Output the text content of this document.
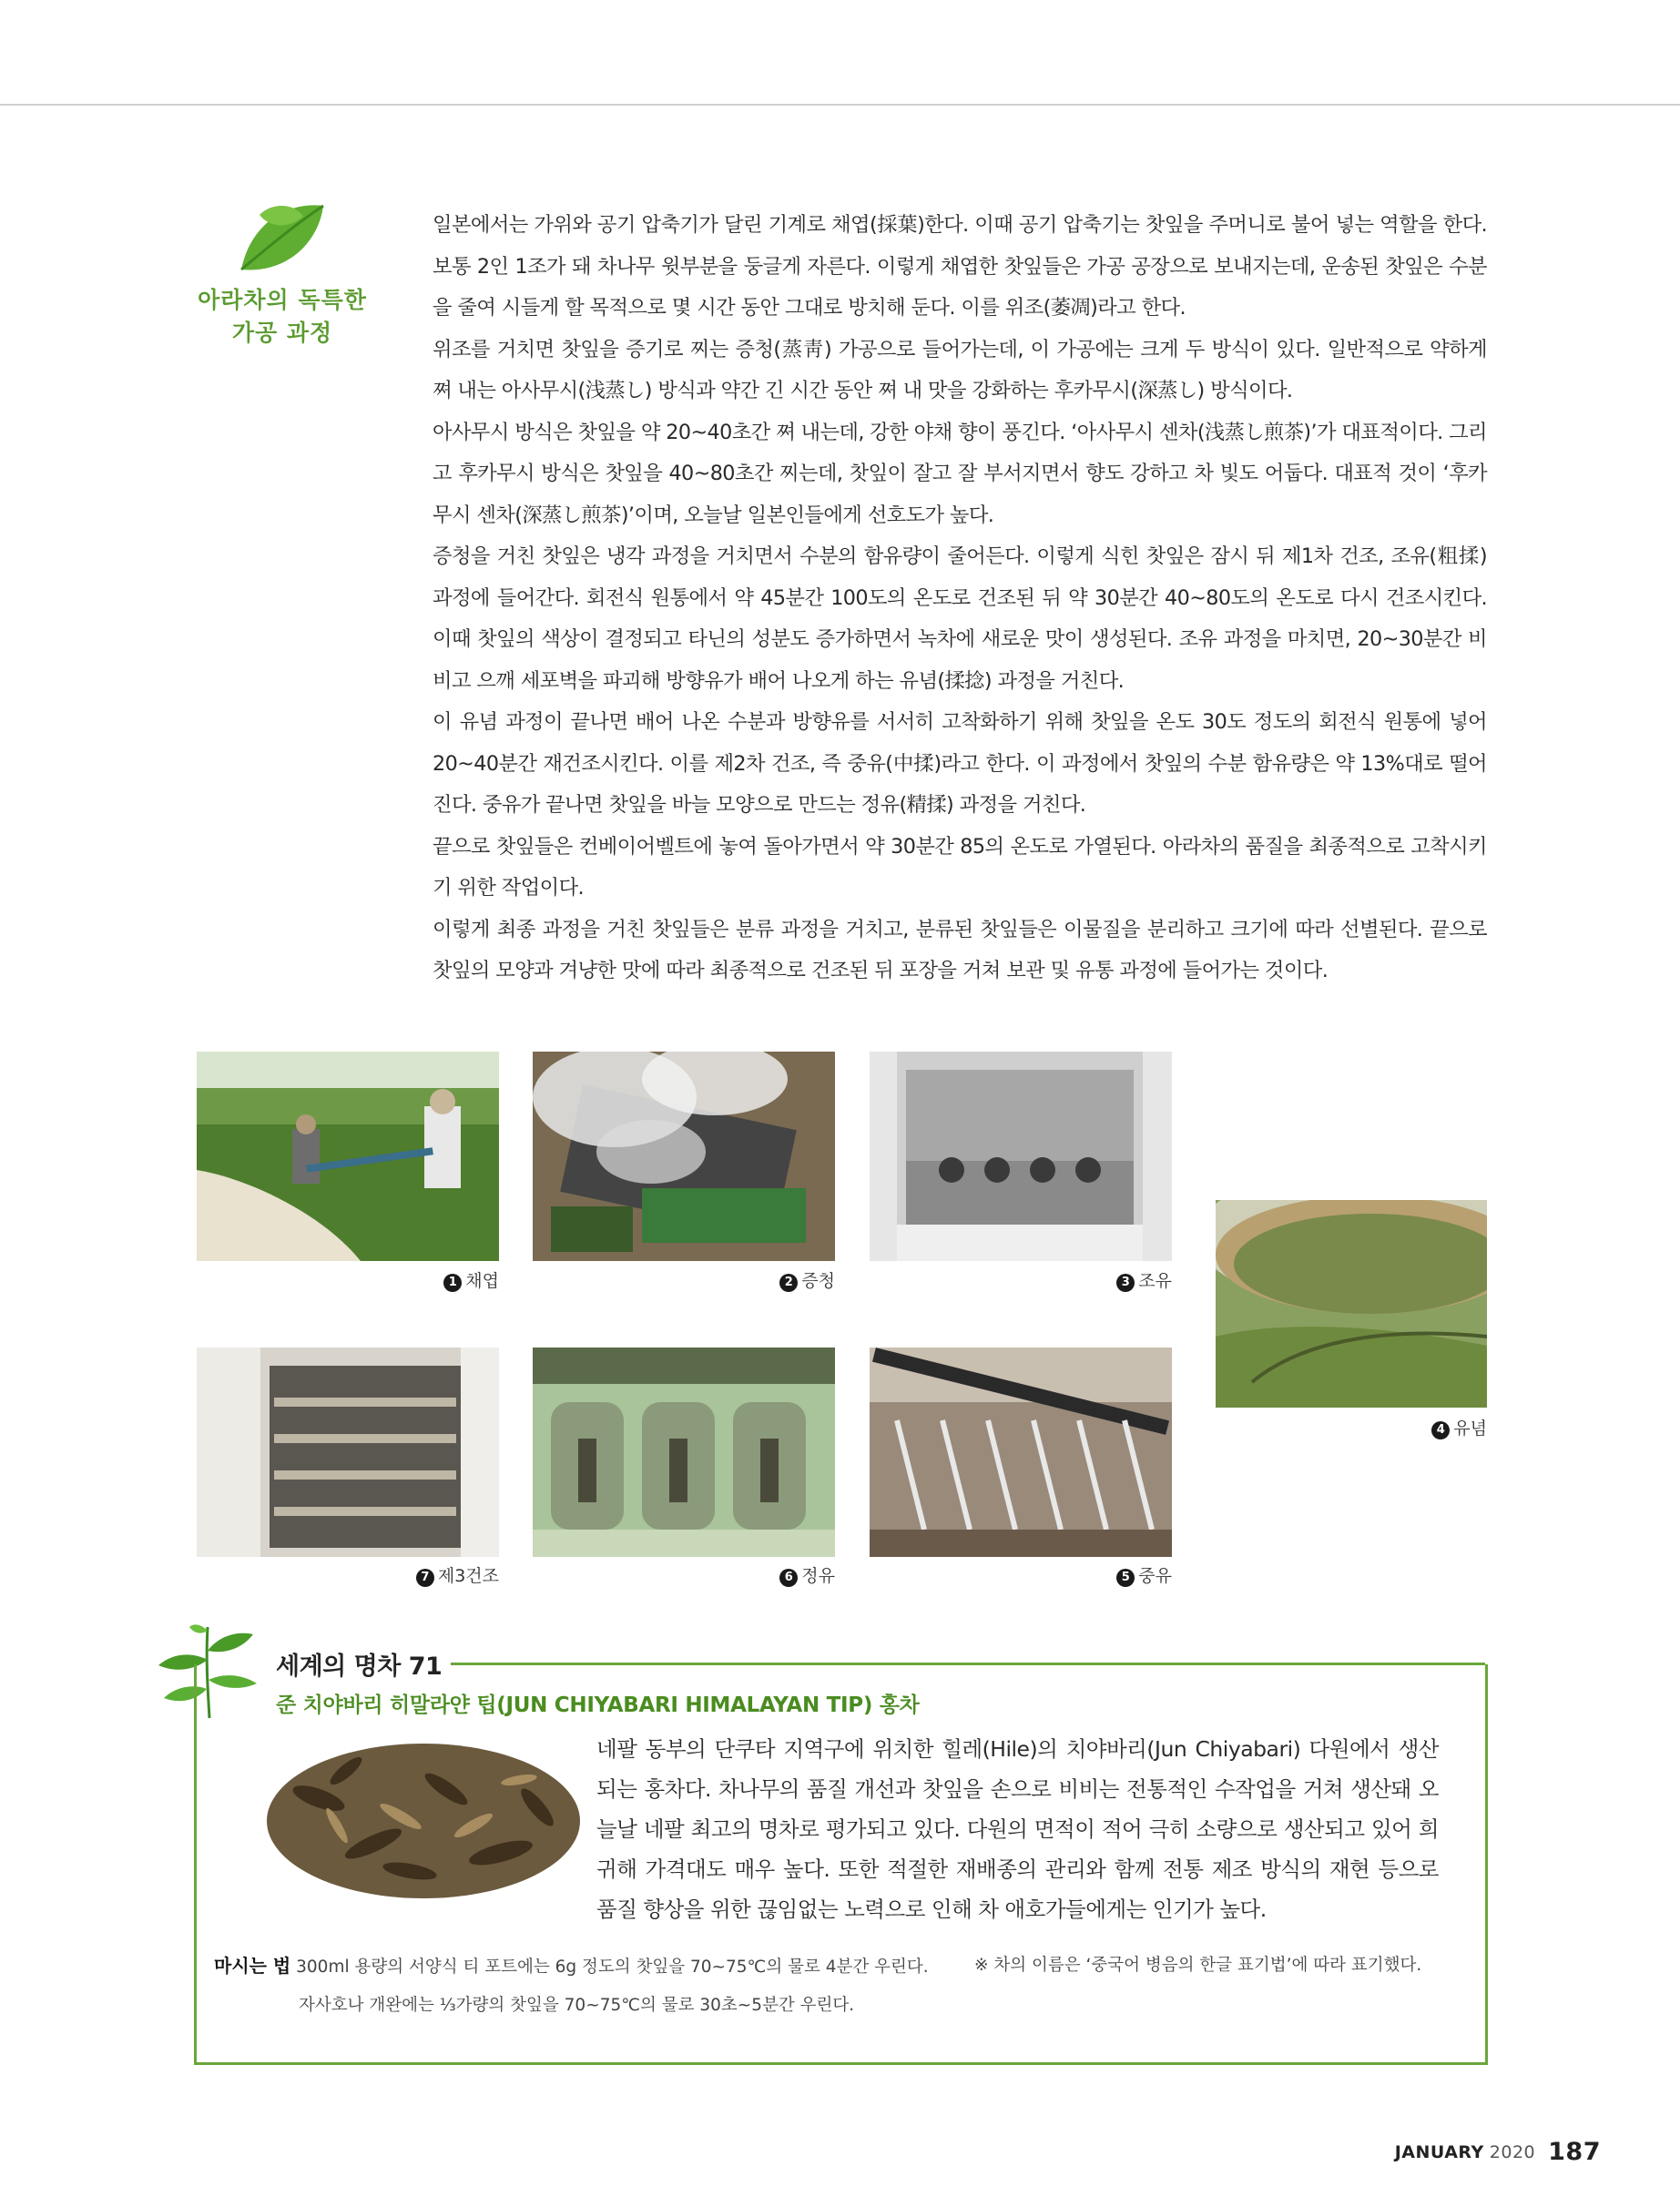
아라차의 독특한
가공 과정

일본에서는 가위와 공기 압축기가 달린 기계로 채엽(採葉)한다. 이때 공기 압축기는 찻잎을 주머니로 불어 넣는 역할을 한다. 보통 2인 1조가 돼 차나무 윗부분을 둥글게 자른다. 이렇게 채엽한 찻잎들은 가공 공장으로 보내지는데, 운송된 찻잎은 수분을 줄여 시들게 할 목적으로 몇 시간 동안 그대로 방치해 둔다. 이를 위조(萎凋)라고 한다.

위조를 거치면 찻잎을 증기로 찌는 증청(蒸靑) 가공으로 들어가는데, 이 가공에는 크게 두 방식이 있다. 일반적으로 약하게 쪄 내는 아사무시(浅蒸し) 방식과 약간 긴 시간 동안 쪄 내 맛을 강화하는 후카무시(深蒸し) 방식이다.

아사무시 방식은 찻잎을 약 20~40초간 쪄 내는데, 강한 야채 향이 풍긴다. ‘아사무시 센차(浅蒸し煎茶)’가 대표적이다. 그리고 후카무시 방식은 찻잎을 40~80초간 찌는데, 찻잎이 잘고 잘 부서지면서 향도 강하고 차 빛도 어둡다. 대표적 것이 ‘후카무시 센차(深蒸し煎茶)’이며, 오늘날 일본인들에게 선호도가 높다.

증청을 거친 찻잎은 냉각 과정을 거치면서 수분의 함유량이 줄어든다. 이렇게 식힌 찻잎은 잠시 뒤 제1차 건조, 조유(粗揉) 과정에 들어간다. 회전식 원통에서 약 45분간 100도의 온도로 건조된 뒤 약 30분간 40~80도의 온도로 다시 건조시킨다. 이때 찻잎의 색상이 결정되고 타닌의 성분도 증가하면서 녹차에 새로운 맛이 생성된다. 조유 과정을 마치면, 20~30분간 비비고 으깨 세포벽을 파괴해 방향유가 배어 나오게 하는 유념(揉捻) 과정을 거친다.

이 유념 과정이 끝나면 배어 나온 수분과 방향유를 서서히 고착화하기 위해 찻잎을 온도 30도 정도의 회전식 원통에 넣어 20~40분간 재건조시킨다. 이를 제2차 건조, 즉 중유(中揉)라고 한다. 이 과정에서 찻잎의 수분 함유량은 약 13%대로 떨어진다. 중유가 끝나면 찻잎을 바늘 모양으로 만드는 정유(精揉) 과정을 거친다.

끝으로 찻잎들은 컨베이어벨트에 놓여 돌아가면서 약 30분간 85의 온도로 가열된다. 아라차의 품질을 최종적으로 고착시키기 위한 작업이다.

이렇게 최종 과정을 거친 찻잎들은 분류 과정을 거치고, 분류된 찻잎들은 이물질을 분리하고 크기에 따라 선별된다. 끝으로 찻잎의 모양과 겨냥한 맛에 따라 최종적으로 건조된 뒤 포장을 거쳐 보관 및 유통 과정에 들어가는 것이다.

1 채엽	2 증청	3 조유
4 유념
7 제3건조	6 정유	5 중유
세계의 명차 71
준 치야바리 히말라얀 팁(JUN CHIYABARI HIMALAYAN TIP) 홍차
네팔 동부의 단쿠타 지역구에 위치한 힐레(Hile)의 치야바리(Jun Chiyabari) 다원에서 생산되는 홍차다. 차나무의 품질 개선과 찻잎을 손으로 비비는 전통적인 수작업을 거쳐 생산돼 오늘날 네팔 최고의 명차로 평가되고 있다. 다원의 면적이 적어 극히 소량으로 생산되고 있어 희귀해 가격대도 매우 높다. 또한 적절한 재배종의 관리와 함께 전통 제조 방식의 재현 등으로 품질 향상을 위한 끊임없는 노력으로 인해 차 애호가들에게는 인기가 높다.
마시는 법 300ml 용량의 서양식 티 포트에는 6g 정도의 찻잎을 70~75℃의 물로 4분간 우린다.
자사호나 개완에는 ⅓가량의 찻잎을 70~75℃의 물로 30초~5분간 우린다.
※ 차의 이름은 ‘중국어 병음의 한글 표기법’에 따라 표기했다.
JANUARY 2020 187
